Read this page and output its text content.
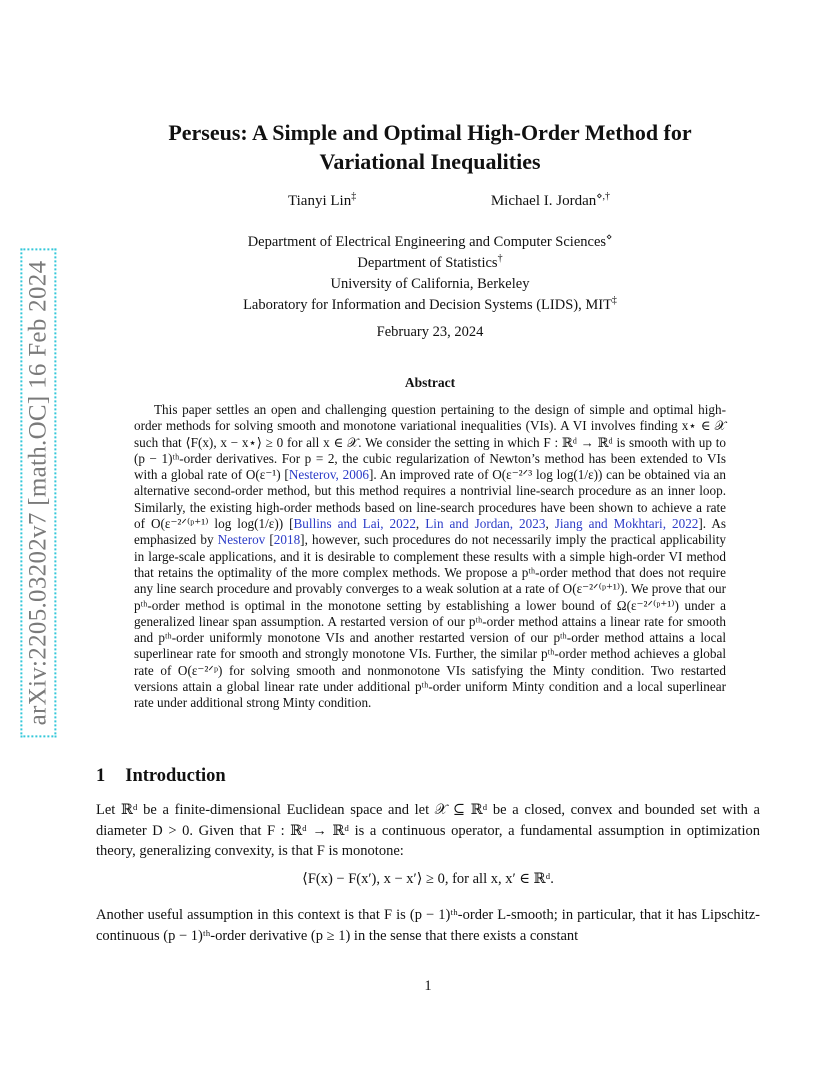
arXiv:2205.03202v7 [math.OC] 16 Feb 2024
Perseus: A Simple and Optimal High-Order Method for
Variational Inequalities
Tianyi Lin‡	Michael I. Jordan⋄,†
Department of Electrical Engineering and Computer Sciences⋄
Department of Statistics†
University of California, Berkeley
Laboratory for Information and Decision Systems (LIDS), MIT‡
February 23, 2024
Abstract

This paper settles an open and challenging question pertaining to the design of simple and optimal high-order methods for solving smooth and monotone variational inequalities (VIs). A VI involves finding x⋆ ∈ 𝒳 such that ⟨F(x), x − x⋆⟩ ≥ 0 for all x ∈ 𝒳. We consider the setting in which F : ℝᵈ → ℝᵈ is smooth with up to (p − 1)ᵗʰ-order derivatives. For p = 2, the cubic regularization of Newton’s method has been extended to VIs with a global rate of O(ε⁻¹) [Nesterov, 2006]. An improved rate of O(ε⁻²ᐟ³ log log(1/ε)) can be obtained via an alternative second-order method, but this method requires a nontrivial line-search procedure as an inner loop. Similarly, the existing high-order methods based on line-search procedures have been shown to achieve a rate of O(ε⁻²ᐟ⁽ᵖ⁺¹⁾ log log(1/ε)) [Bullins and Lai, 2022, Lin and Jordan, 2023, Jiang and Mokhtari, 2022]. As emphasized by Nesterov [2018], however, such procedures do not necessarily imply the practical applicability in large-scale applications, and it is desirable to complement these results with a simple high-order VI method that retains the optimality of the more complex methods. We propose a pᵗʰ-order method that does not require any line search procedure and provably converges to a weak solution at a rate of O(ε⁻²ᐟ⁽ᵖ⁺¹⁾). We prove that our pᵗʰ-order method is optimal in the monotone setting by establishing a lower bound of Ω(ε⁻²ᐟ⁽ᵖ⁺¹⁾) under a generalized linear span assumption. A restarted version of our pᵗʰ-order method attains a linear rate for smooth and pᵗʰ-order uniformly monotone VIs and another restarted version of our pᵗʰ-order method attains a local superlinear rate for smooth and strongly monotone VIs. Further, the similar pᵗʰ-order method achieves a global rate of O(ε⁻²ᐟᵖ) for solving smooth and nonmonotone VIs satisfying the Minty condition. Two restarted versions attain a global linear rate under additional pᵗʰ-order uniform Minty condition and a local superlinear rate under additional strong Minty condition.

1 Introduction

Let ℝᵈ be a finite-dimensional Euclidean space and let 𝒳 ⊆ ℝᵈ be a closed, convex and bounded set with a diameter D > 0. Given that F : ℝᵈ → ℝᵈ is a continuous operator, a fundamental assumption in optimization theory, generalizing convexity, is that F is monotone:

⟨F(x) − F(x′), x − x′⟩ ≥ 0, for all x, x′ ∈ ℝᵈ.

Another useful assumption in this context is that F is (p − 1)ᵗʰ-order L-smooth; in particular, that it has Lipschitz-continuous (p − 1)ᵗʰ-order derivative (p ≥ 1) in the sense that there exists a constant

1
